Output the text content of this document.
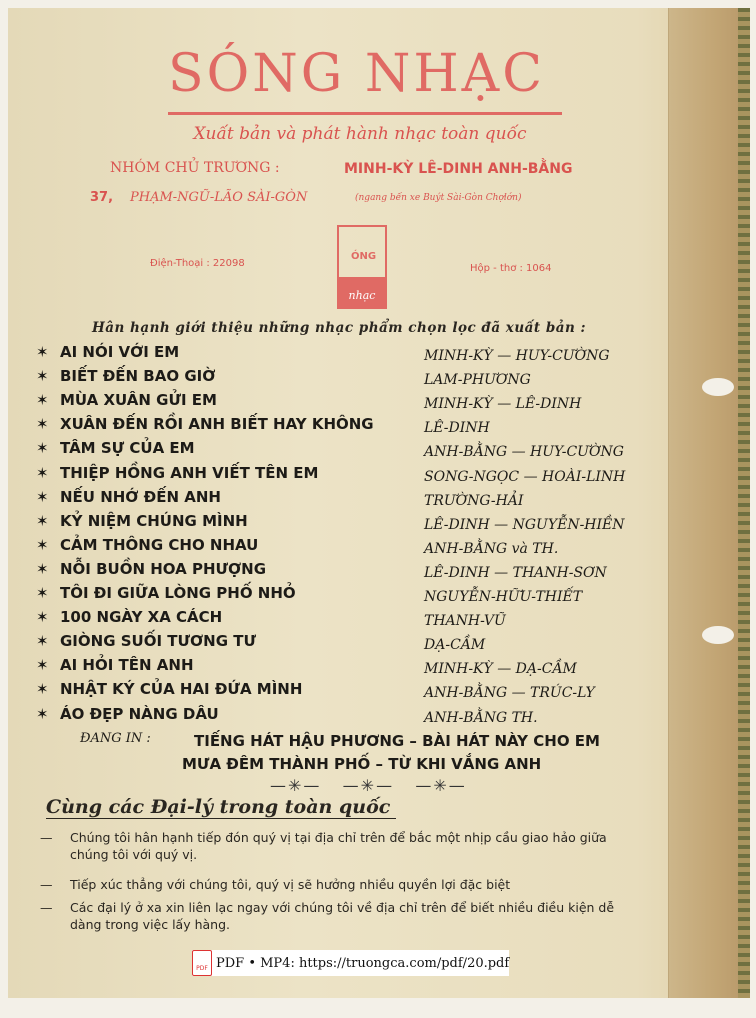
SÓNG NHẠC
Xuất bản và phát hành nhạc toàn quốc
NHÓM CHỦ TRƯƠNG :	MINH-KỲ LÊ-DINH ANH-BẰNG
37, PHẠM-NGŨ-LÃO SÀI-GÒN	(ngang bến xe Buýt Sài-Gòn Chợlớn)
Điện-Thoại : 22098	Hộp - thơ : 1064
ÓNG
nhạc
Hân hạnh giới thiệu những nhạc phẩm chọn lọc đã xuất bản :
✶ AI NÓI VỚI EM	MINH-KỲ — HUY-CƯỜNG
✶ BIẾT ĐẾN BAO GIỜ	LAM-PHƯƠNG
✶ MÙA XUÂN GỬI EM	MINH-KỲ — LÊ-DINH
✶ XUÂN ĐẾN RỒI ANH BIẾT HAY KHÔNG	LÊ-DINH
✶ TÂM SỰ CỦA EM	ANH-BẰNG — HUY-CƯỜNG
✶ THIỆP HỒNG ANH VIẾT TÊN EM	SONG-NGỌC — HOÀI-LINH
✶ NẾU NHỚ ĐẾN ANH	TRƯỜNG-HẢI
✶ KỶ NIỆM CHÚNG MÌNH	LÊ-DINH — NGUYỄN-HIỀN
✶ CẢM THÔNG CHO NHAU	ANH-BẰNG và TH.
✶ NỖI BUỒN HOA PHƯỢNG	LÊ-DINH — THANH-SƠN
✶ TÔI ĐI GIỮA LÒNG PHỐ NHỎ	NGUYỄN-HỮU-THIẾT
✶ 100 NGÀY XA CÁCH	THANH-VŨ
✶ GIÒNG SUỐI TƯƠNG TƯ	DẠ-CẦM
✶ AI HỎI TÊN ANH	MINH-KỲ — DẠ-CẦM
✶ NHẬT KÝ CỦA HAI ĐỨA MÌNH	ANH-BẰNG — TRÚC-LY
✶ ÁO ĐẸP NÀNG DÂU	ANH-BẰNG TH.
ĐANG IN :	TIẾNG HÁT HẬU PHƯƠNG – BÀI HÁT NÀY CHO EM
MƯA ĐÊM THÀNH PHỐ – TỪ KHI VẮNG ANH
—✳—   —✳—   —✳—
Cùng các Đại-lý trong toàn quốc
— Chúng tôi hân hạnh tiếp đón quý vị tại địa chỉ trên để bắc một nhịp cầu giao hảo giữa chúng tôi với quý vị.
— Tiếp xúc thẳng với chúng tôi, quý vị sẽ hưởng nhiều quyền lợi đặc biệt
— Các đại lý ở xa xin liên lạc ngay với chúng tôi về địa chỉ trên để biết nhiều điều kiện dễ dàng trong việc lấy hàng.
PDF PDF • MP4: https://truongca.com/pdf/20.pdf
